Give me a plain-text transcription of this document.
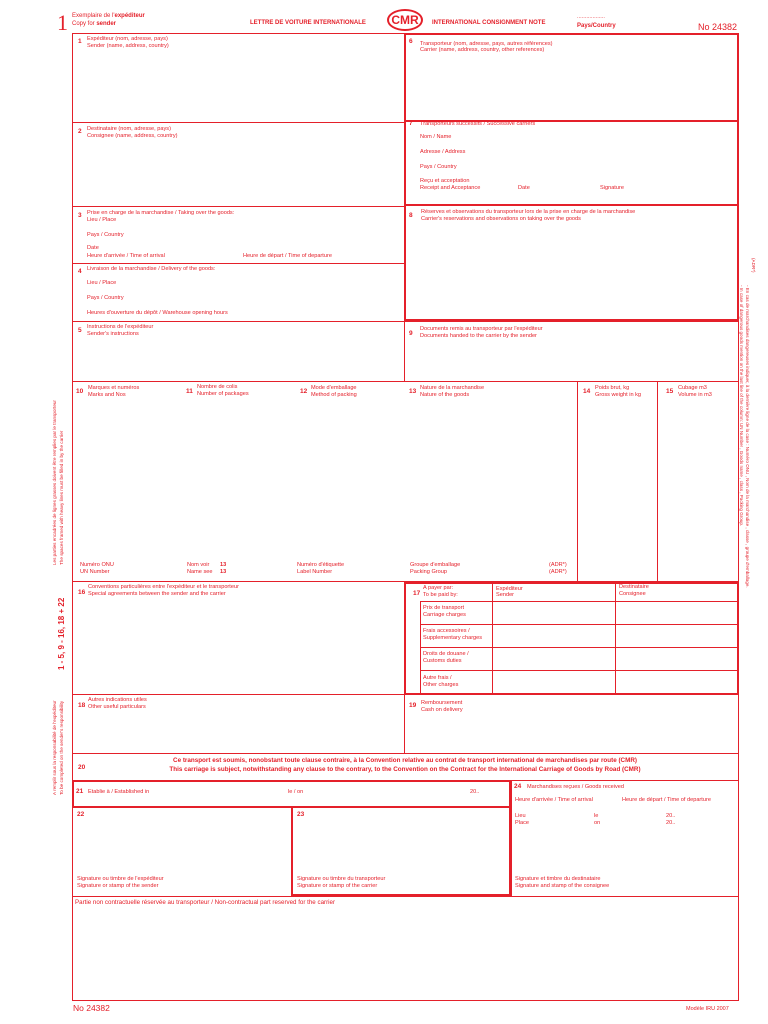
1 Exemplaire de l'expéditeur
Copy for sender	LETTRE DE VOITURE INTERNATIONALE	CMR	INTERNATIONAL CONSIGNMENT NOTE
..................
Pays/Country	No 24382
1 Expéditeur (nom, adresse, pays)
Sender (name, address, country)
2 Destinataire (nom, adresse, pays)
Consignee (name, address, country)
3 Prise en charge de la marchandise / Taking over the goods:
Lieu / Place
Pays / Country
Date
Heure d'arrivée / Time of arrival	Heure de départ / Time of departure
4 Livraison de la marchandise / Delivery of the goods:
Lieu / Place
Pays / Country
Heures d'ouverture du dépôt / Warehouse opening hours
5 Instructions de l'expéditeur
Sender's instructions
6 Transporteur (nom, adresse, pays, autres références)
Carrier (name, address, country, other references)
7 Transporteurs successifs / Successive carriers
Nom / Name
Adresse / Address
Pays / Country
Reçu et acceptation
Receipt and Acceptance	Date	Signature
8 Réserves et observations du transporteur lors de la prise en charge de la marchandise
Carrier's reservations and observations on taking over the goods
9
Documents remis au transporteur par l'expéditeur
Documents handed to the carrier by the sender
10 Marques et numéros
Marks and Nos	11
Nombre de colis
Number of packages	12 Mode d'emballage
Method of packing	13 Nature de la marchandise
Nature of the goods	14 Poids brut, kg
Gross weight in kg	15 Cubage m3
Volume in m3
Numéro ONU
UN Number
Nom voir
Name see
13
13
Numéro d'étiquette
Label Number
Groupe d'emballage
Packing Group
(ADR*)
(ADR*)
16
Conventions particulières entre l'expéditeur et le transporteur
Special agreements between the sender and the carrier	17
A payer par:
To be paid by:
Expéditeur
Sender
Destinataire
Consignee
Prix de transport
Carriage charges
Frais accessoires /
Supplementary charges
Droits de douane /
Customs duties
Autre frais /
Other charges
18
Autres indications utiles
Other useful particulars	19 Remboursement
Cash on delivery
20
Ce transport est soumis, nonobstant toute clause contraire, à la Convention relative au contrat de transport international de marchandises par route (CMR)
This carriage is subject, notwithstanding any clause to the contrary, to the Convention on the Contract for the International Carriage of Goods by Road (CMR)
21 Etablie à / Established in	le / on	20..
22
Signature ou timbre de l'expéditeur
Signature or stamp of the sender
23
Signature ou timbre du transporteur
Signature or stamp of the carrier
24 Marchandises reçues / Goods received
Heure d'arrivée / Time of arrival	Heure de départ / Time of departure
Lieu
Place
le
on
20..
20..
Signature et timbre du destinataire
Signature and stamp of the consignee
Partie non contractuelle réservée au transporteur / Non-contractual part reserved for the carrier
Les parties encadrées de lignes grasses doivent être remplies par le transporteur The spaces framed with heavy lines must be filled in by the carrier
1 - 5, 9 - 16, 18 + 22
A remplir sous la responsabilité de l'expéditeur To be completed on the sender's responsibility
(ADR*)
- En cas de marchandises dangereuses indiquer, à la dernière ligne de la case : Numéro ONU , Nom de la marchandise , classe , groupe d'emballage.
- In case of dangerous goods mention on the last line of the column: UN Number , Goods name , class , Packing Group.
No 24382	Modèle IRU 2007
